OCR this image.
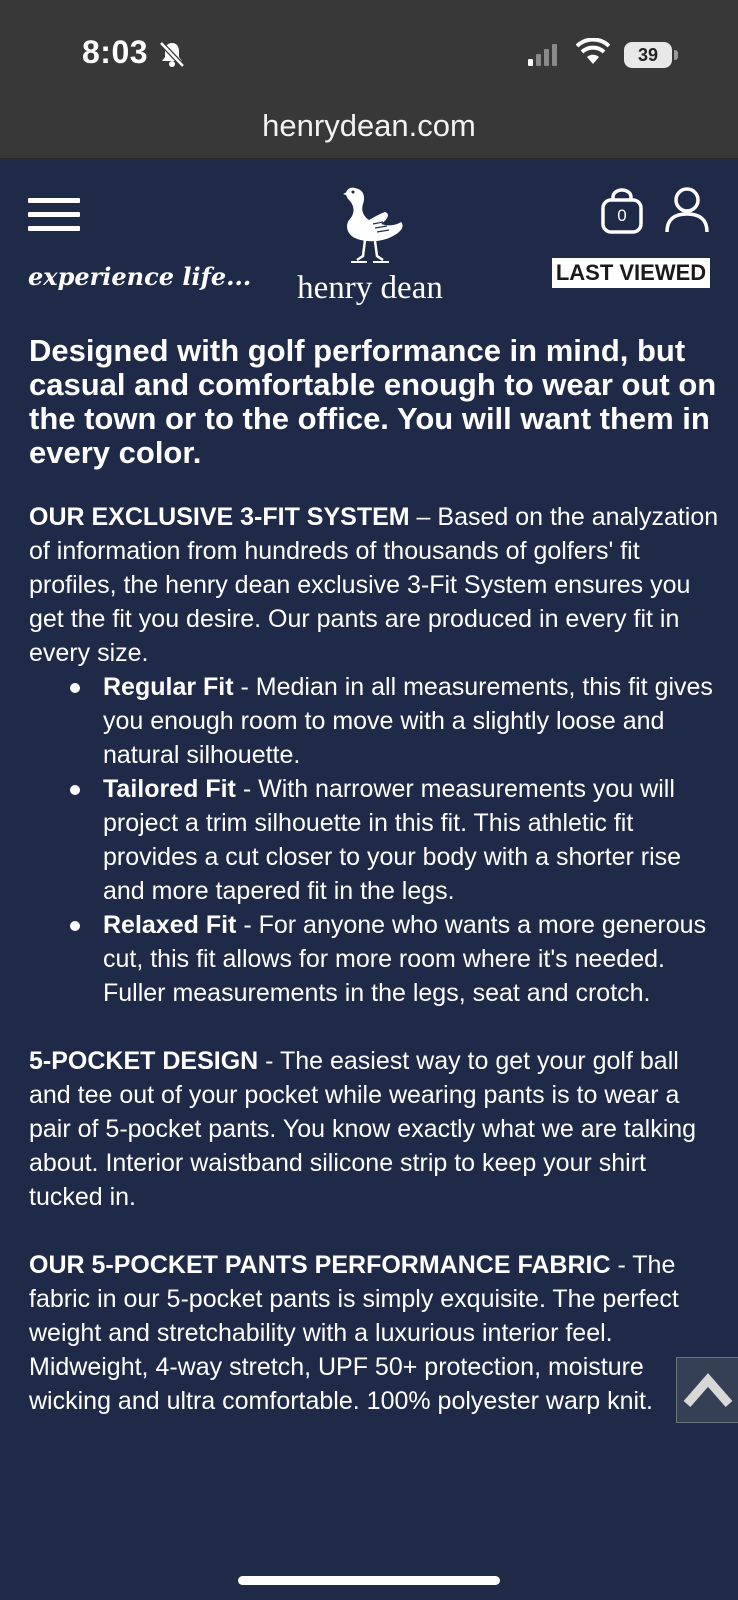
8:03	39
henrydean.com
experience life...	henry dean
0
LAST VIEWED

Designed with golf performance in mind, but casual and comfortable enough to wear out on the town or to the office. You will want them in every color.

OUR EXCLUSIVE 3-FIT SYSTEM – Based on the analyzation of information from hundreds of thousands of golfers' fit profiles, the henry dean exclusive 3-Fit System ensures you get the fit you desire. Our pants are produced in every fit in every size.

Regular Fit - Median in all measurements, this fit gives you enough room to move with a slightly loose and natural silhouette.
Tailored Fit - With narrower measurements you will project a trim silhouette in this fit. This athletic fit provides a cut closer to your body with a shorter rise and more tapered fit in the legs.
Relaxed Fit - For anyone who wants a more generous cut, this fit allows for more room where it's needed. Fuller measurements in the legs, seat and crotch.

5-POCKET DESIGN - The easiest way to get your golf ball and tee out of your pocket while wearing pants is to wear a pair of 5-pocket pants. You know exactly what we are talking about. Interior waistband silicone strip to keep your shirt tucked in.

OUR 5-POCKET PANTS PERFORMANCE FABRIC - The fabric in our 5-pocket pants is simply exquisite. The perfect weight and stretchability with a luxurious interior feel. Midweight, 4-way stretch, UPF 50+ protection, moisture wicking and ultra comfortable. 100% polyester warp knit.
